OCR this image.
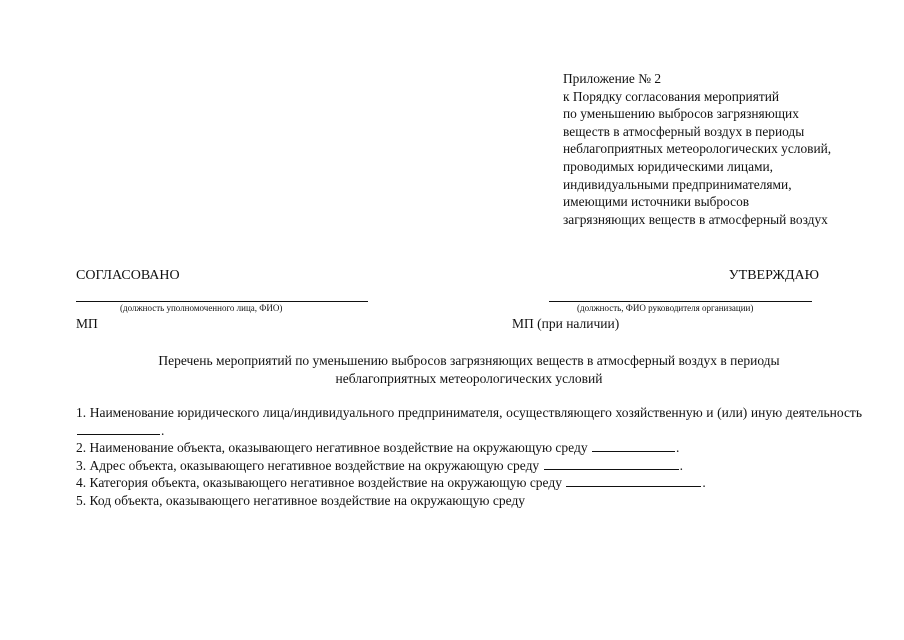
Приложение № 2
к Порядку согласования мероприятий
по уменьшению выбросов загрязняющих
веществ в атмосферный воздух в периоды
неблагоприятных метеорологических условий,
проводимых юридическими лицами,
индивидуальными предпринимателями,
имеющими источники выбросов
загрязняющих веществ в атмосферный воздух
СОГЛАСОВАНО	УТВЕРЖДАЮ
(должность уполномоченного лица, ФИО)	(должность, ФИО руководителя организации)
МП	МП (при наличии)
Перечень мероприятий по уменьшению выбросов загрязняющих веществ в атмосферный воздух в периоды
неблагоприятных метеорологических условий

1. Наименование юридического лица/индивидуального предпринимателя, осуществляющего хозяйственную и (или) иную деятельность .

2. Наименование объекта, оказывающего негативное воздействие на окружающую среду	.

3. Адрес объекта, оказывающего негативное воздействие на окружающую среду	.

4. Категория объекта, оказывающего негативное воздействие на окружающую среду	.

5. Код объекта, оказывающего негативное воздействие на окружающую среду
